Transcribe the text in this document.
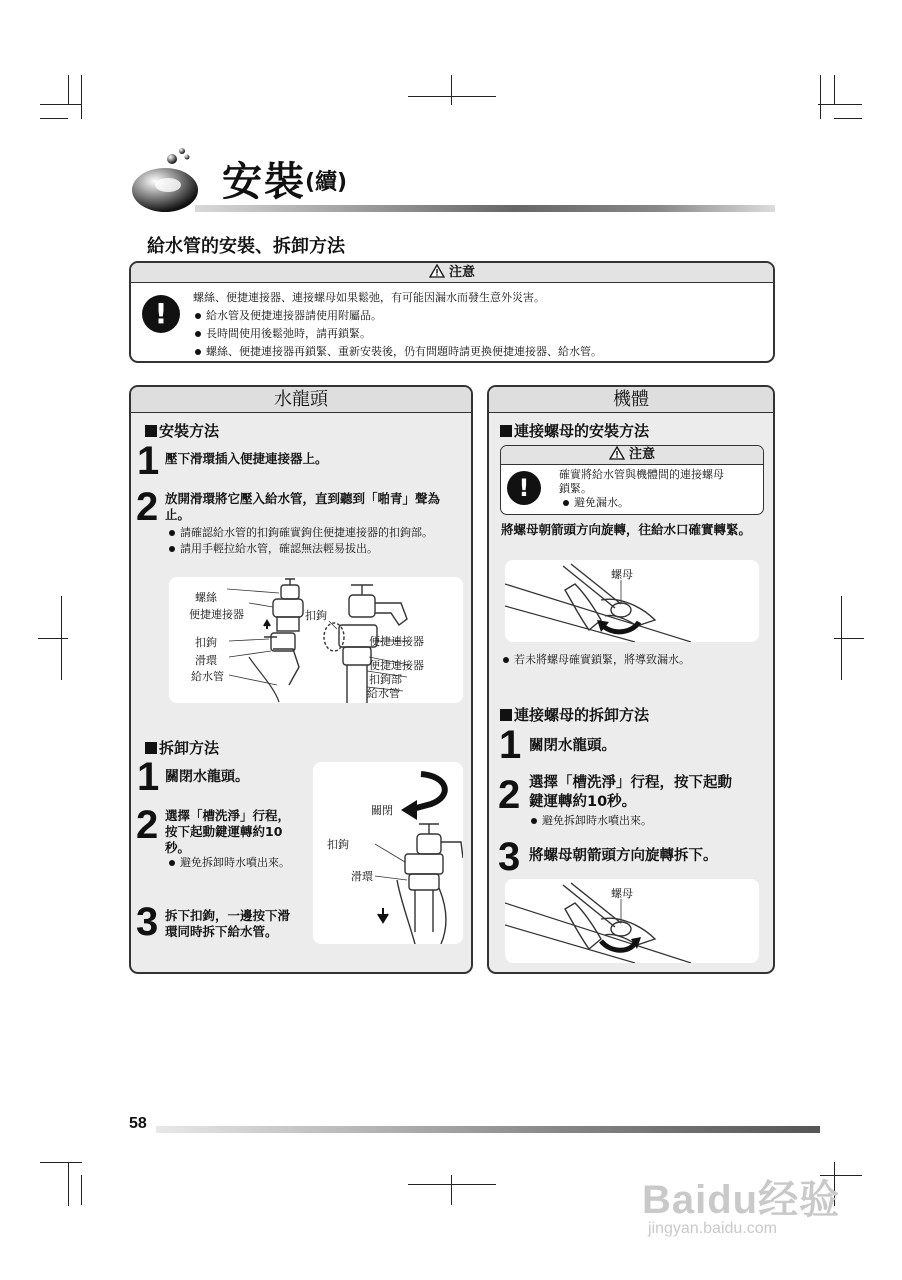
安裝 (續)
給水管的安裝、拆卸方法
注意
!	螺絲、便捷連接器、連接螺母如果鬆弛，有可能因漏水而發生意外災害。
給水管及便捷連接器請使用附屬品。
長時間使用後鬆弛時，請再鎖緊。
螺絲、便捷連接器再鎖緊、重新安裝後，仍有問題時請更換便捷連接器、給水管。
水龍頭
安裝方法
1 壓下滑環插入便捷連接器上。
2 放開滑環將它壓入給水管，直到聽到「啪青」聲為
止。
請確認給水管的扣鉤確實鉤住便捷連接器的扣鉤部。
請用手輕拉給水管，確認無法輕易拔出。
螺絲
便捷連接器
扣鉤
滑環
給水管
扣鉤
便捷連接器
便捷連接器
扣鉤部
給水管
拆卸方法
1 關閉水龍頭。
2 選擇「槽洗淨」行程，
按下起動鍵運轉約10
秒。
避免拆卸時水噴出來。
3 拆下扣鉤，一邊按下滑
環同時拆下給水管。
關閉
扣鉤
滑環
機體
連接螺母的安裝方法
注意
!	確實將給水管與機體間的連接螺母
鎖緊。
避免漏水。
將螺母朝箭頭方向旋轉，往給水口確實轉緊。
螺母
若未將螺母確實鎖緊，將導致漏水。
連接螺母的拆卸方法
1 關閉水龍頭。
2 選擇「槽洗淨」行程，按下起動
鍵運轉約10秒。
避免拆卸時水噴出來。
3 將螺母朝箭頭方向旋轉拆下。
螺母
58
Baidu经验
jingyan.baidu.com
